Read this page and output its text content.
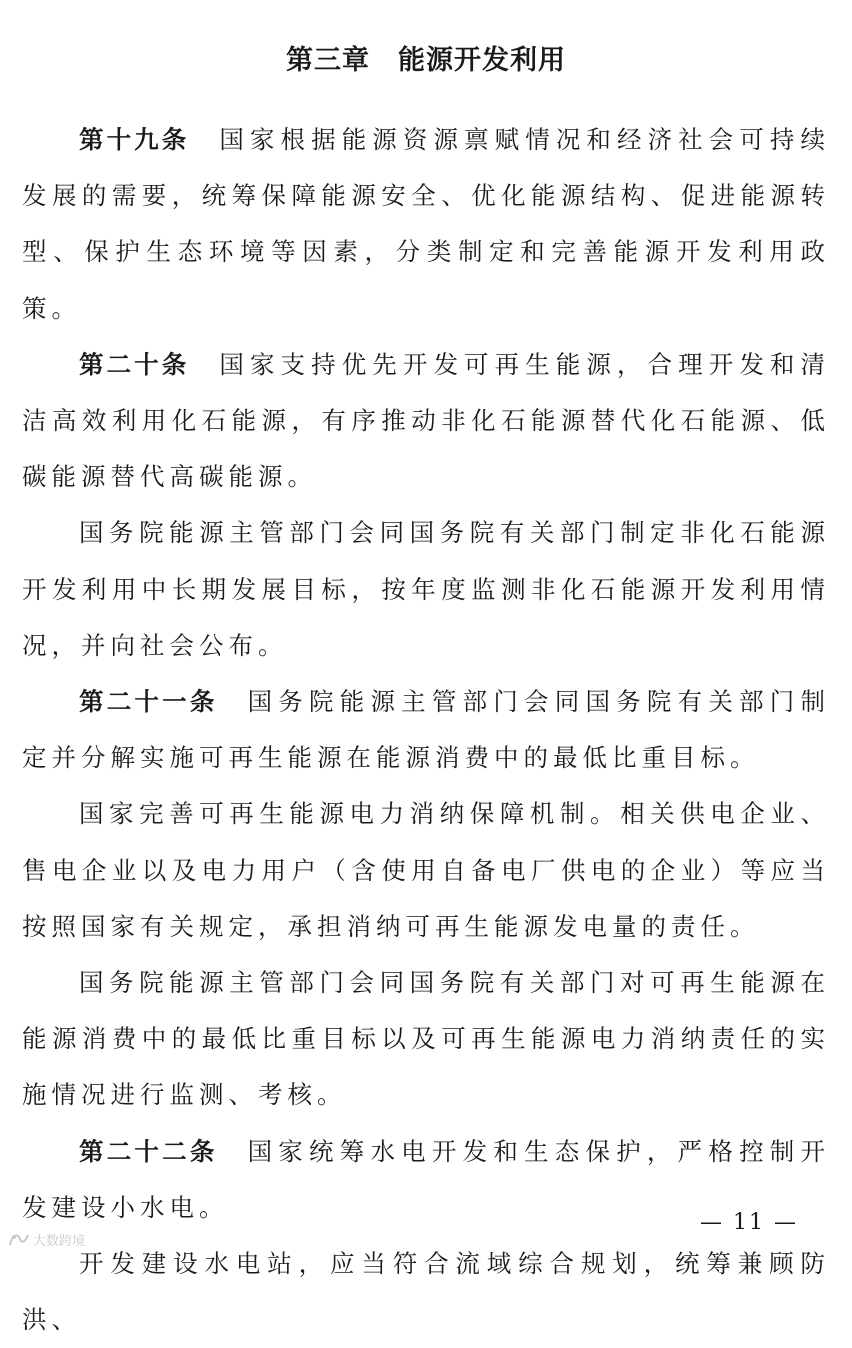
第三章　能源开发利用

第十九条 国家根据能源资源禀赋情况和经济社会可持续发展的需要，统筹保障能源安全、优化能源结构、促进能源转型、保护生态环境等因素，分类制定和完善能源开发利用政策。

第二十条 国家支持优先开发可再生能源，合理开发和清洁高效利用化石能源，有序推动非化石能源替代化石能源、低碳能源替代高碳能源。

国务院能源主管部门会同国务院有关部门制定非化石能源开发利用中长期发展目标，按年度监测非化石能源开发利用情况，并向社会公布。

第二十一条 国务院能源主管部门会同国务院有关部门制定并分解实施可再生能源在能源消费中的最低比重目标。

国家完善可再生能源电力消纳保障机制。相关供电企业、售电企业以及电力用户（含使用自备电厂供电的企业）等应当按照国家有关规定，承担消纳可再生能源发电量的责任。

国务院能源主管部门会同国务院有关部门对可再生能源在能源消费中的最低比重目标以及可再生能源电力消纳责任的实施情况进行监测、考核。

第二十二条 国家统筹水电开发和生态保护，严格控制开发建设小水电。

开发建设水电站，应当符合流域综合规划，统筹兼顾防洪、

— 11 —
大数跨境
